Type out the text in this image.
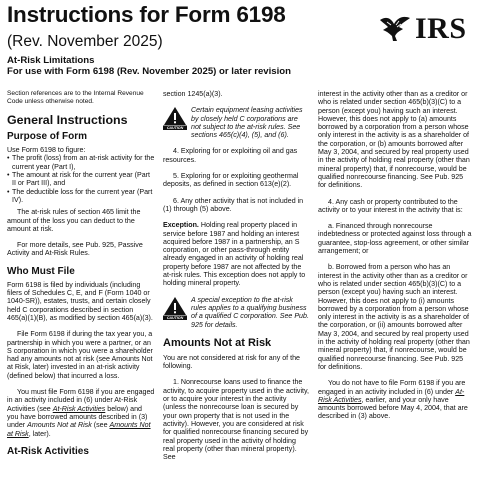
Instructions for Form 6198
(Rev. November 2025)
At-Risk Limitations
For use with Form 6198 (Rev. November 2025) or later revision
IRS

Section references are to the Internal Revenue Code unless otherwise noted.

General Instructions
Purpose of Form
Use Form 6198 to figure:
• The profit (loss) from an at-risk activity for the current year (Part I),
• The amount at risk for the current year (Part II or Part III), and
• The deductible loss for the current year (Part IV).

The at-risk rules of section 465 limit the amount of the loss you can deduct to the amount at risk.

For more details, see Pub. 925, Passive Activity and At-Risk Rules.

Who Must File

Form 6198 is filed by individuals (including filers of Schedules C, E, and F (Form 1040 or 1040-SR)), estates, trusts, and certain closely held C corporations described in section 465(a)(1)(B), as modified by section 465(a)(3).

File Form 6198 if during the tax year you, a partnership in which you were a partner, or an S corporation in which you were a shareholder had any amounts not at risk (see Amounts Not at Risk, later) invested in an at-risk activity (defined below) that incurred a loss.

You must file Form 6198 if you are engaged in an activity included in (6) under At-Risk Activities (see At-Risk Activities below) and you have borrowed amounts described in (3) under Amounts Not at Risk (see Amounts Not at Risk, later).

At-Risk Activities

section 1245(a)(3).

CAUTION
Certain equipment leasing activities by closely held C corporations are not subject to the at-risk rules. See sections 465(c)(4), (5), and (6).

4. Exploring for or exploiting oil and gas resources.

5. Exploring for or exploiting geothermal deposits, as defined in section 613(e)(2).

6. Any other activity that is not included in (1) through (5) above.

Exception. Holding real property placed in service before 1987 and holding an interest acquired before 1987 in a partnership, an S corporation, or other pass-through entity already engaged in an activity of holding real property before 1987 are not affected by the at-risk rules. This exception does not apply to holding mineral property.

CAUTION
A special exception to the at-risk rules applies to a qualifying business of a qualified C corporation. See Pub. 925 for details.
Amounts Not at Risk

You are not considered at risk for any of the following.

1. Nonrecourse loans used to finance the activity, to acquire property used in the activity, or to acquire your interest in the activity (unless the nonrecourse loan is secured by your own property that is not used in the activity). However, you are considered at risk for qualified nonrecourse financing secured by real property used in the activity of holding real property (other than mineral property). See

interest in the activity other than as a creditor or who is related under section 465(b)(3)(C) to a person (except you) having such an interest. However, this does not apply to (a) amounts borrowed by a corporation from a person whose only interest in the activity is as a shareholder of the corporation, or (b) amounts borrowed after May 3, 2004, and secured by real property used in the activity of holding real property (other than mineral property) that, if nonrecourse, would be qualified nonrecourse financing. See Pub. 925 for definitions.

4. Any cash or property contributed to the activity or to your interest in the activity that is:

a. Financed through nonrecourse indebtedness or protected against loss through a guarantee, stop-loss agreement, or other similar arrangement; or

b. Borrowed from a person who has an interest in the activity other than as a creditor or who is related under section 465(b)(3)(C) to a person (except you) having such an interest. However, this does not apply to (i) amounts borrowed by a corporation from a person whose only interest in the activity is as a shareholder of the corporation, or (ii) amounts borrowed after May 3, 2004, and secured by real property used in the activity of holding real property (other than mineral property) that, if nonrecourse, would be qualified nonrecourse financing. See Pub. 925 for definitions.

You do not have to file Form 6198 if you are engaged in an activity included in (6) under At-Risk Activities, earlier, and your only have amounts borrowed before May 4, 2004, that are described in (3) above.
